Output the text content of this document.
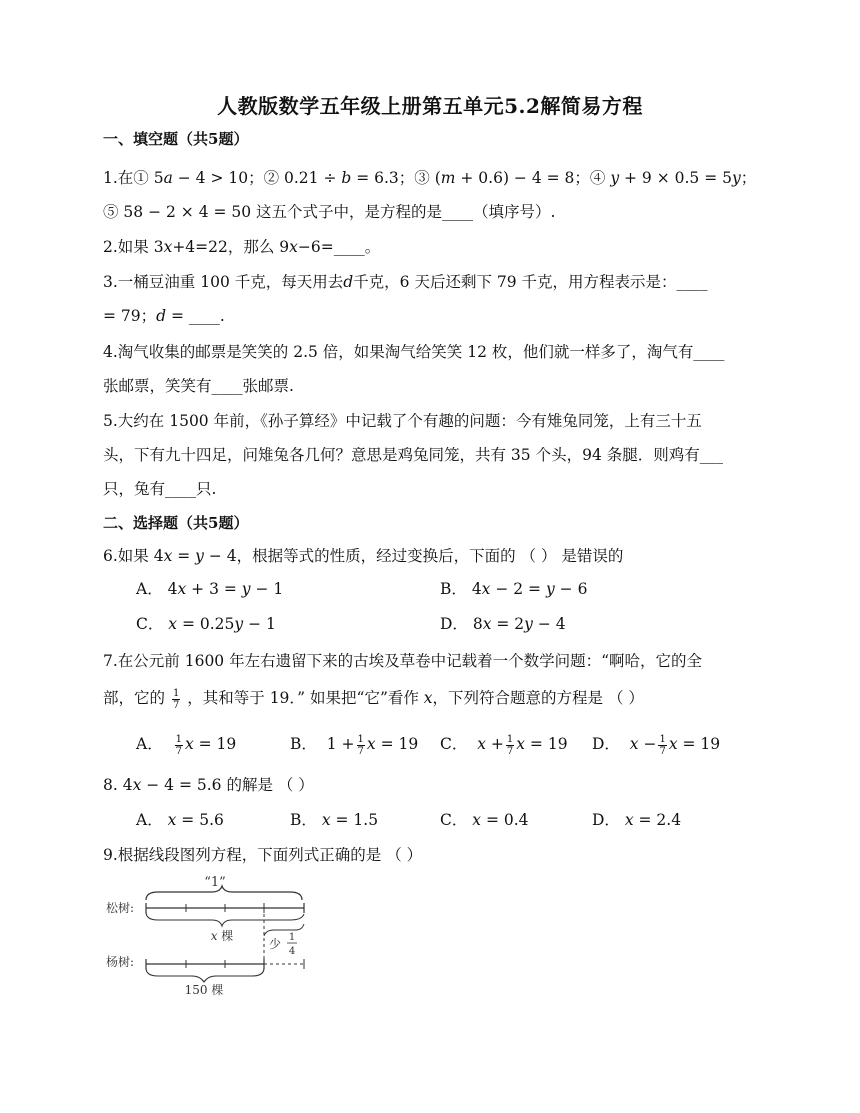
人教版数学五年级上册第五单元5.2解简易方程
一、填空题（共5题）
1.在① 5𝑎 − 4 > 10；② 0.21 ÷ 𝑏 = 6.3；③ (𝑚 + 0.6) − 4 = 8；④ 𝑦 + 9 × 0.5 = 5𝑦；
⑤ 58 − 2 × 4 = 50 这五个式子中，是方程的是____（填序号）.
2.如果 3𝑥+4=22，那么 9𝑥−6=____。
3.一桶豆油重 100 千克，每天用去𝑑千克，6 天后还剩下 79 千克，用方程表示是：____
= 79；𝑑 = ____.
4.淘气收集的邮票是笑笑的 2.5 倍，如果淘气给笑笑 12 枚，他们就一样多了，淘气有____
张邮票，笑笑有____张邮票.
5.大约在 1500 年前，《孙子算经》中记载了个有趣的问题：今有雉兔同笼，上有三十五
头，下有九十四足，问雉兔各几何？意思是鸡兔同笼，共有 35 个头，94 条腿．则鸡有___
只，兔有____只.
二、选择题（共5题）
6.如果 4𝑥 = 𝑦 − 4，根据等式的性质，经过变换后，下面的 （ ） 是错误的
A． 4𝑥 + 3 = 𝑦 − 1	B． 4𝑥 − 2 = 𝑦 − 6
C． 𝑥 = 0.25𝑦 − 1	D． 8𝑥 = 2𝑦 − 4
7.在公元前 1600 年左右遗留下来的古埃及草卷中记载着一个数学问题：“啊哈，它的全
部，它的 $\frac{1}{7}$ ，其和等于 19．” 如果把“它”看作 𝑥，下列符合题意的方程是 （ ）
A． $\frac{1}{7}$ 𝑥 = 19	B． $1 + \frac{1}{7}$ 𝑥 = 19 C． 𝑥 + $\frac{1}{7}$ 𝑥 = 19 D． 𝑥 − $\frac{1}{7}$ 𝑥 = 19
8. 4𝑥 − 4 = 5.6 的解是 （ ）
A． 𝑥 = 5.6	B． 𝑥 = 1.5	C． 𝑥 = 0.4	D． 𝑥 = 2.4
9.根据线段图列方程，下面列式正确的是 （ ）
“1”
松树:
𝑥 棵
少 1
4
杨树:
150 棵
